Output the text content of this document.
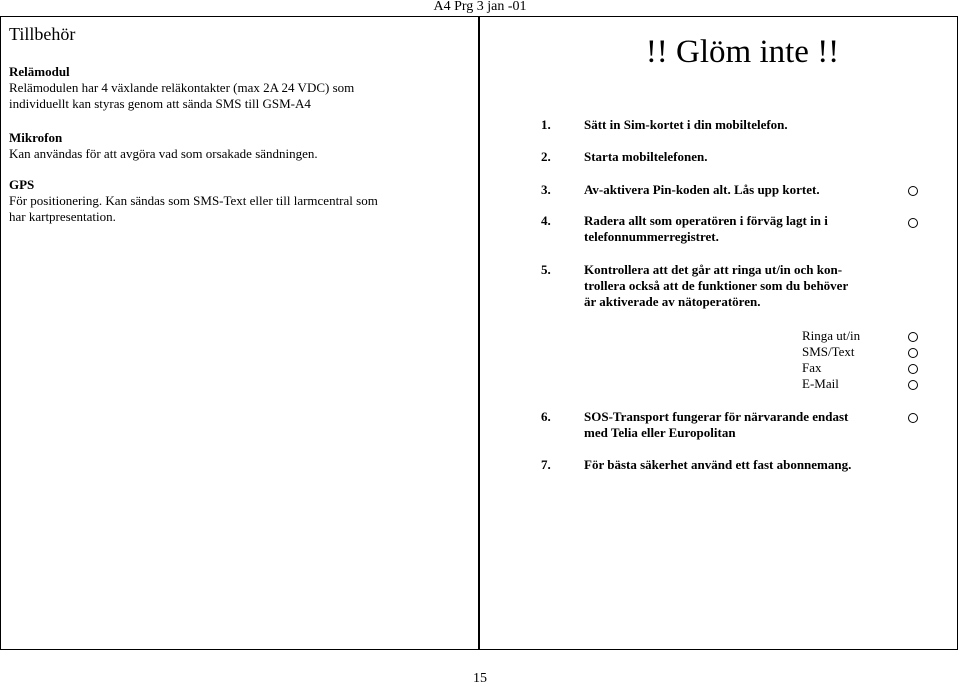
A4 Prg 3 jan -01
Tillbehör
Relämodul
Relämodulen har 4 växlande reläkontakter (max 2A 24 VDC) som
individuellt kan styras genom att sända SMS till GSM-A4
Mikrofon
Kan användas för att avgöra vad som orsakade sändningen.
GPS
För positionering. Kan sändas som SMS-Text eller till larmcentral som
har kartpresentation.
!! Glöm inte !!
1.	Sätt in Sim-kortet i din mobiltelefon.
2.	Starta mobiltelefonen.
3.	Av-aktivera Pin-koden alt. Lås upp kortet.
4.	Radera allt som operatören i förväg lagt in i
telefonnummerregistret.
5.	Kontrollera att det går att ringa ut/in och kon-
trollera också att de funktioner som du behöver
är aktiverade av nätoperatören.
Ringa ut/in
SMS/Text
Fax
E-Mail
6.	SOS-Transport fungerar för närvarande endast
med Telia eller Europolitan
7.	För bästa säkerhet använd ett fast abonnemang.
15
